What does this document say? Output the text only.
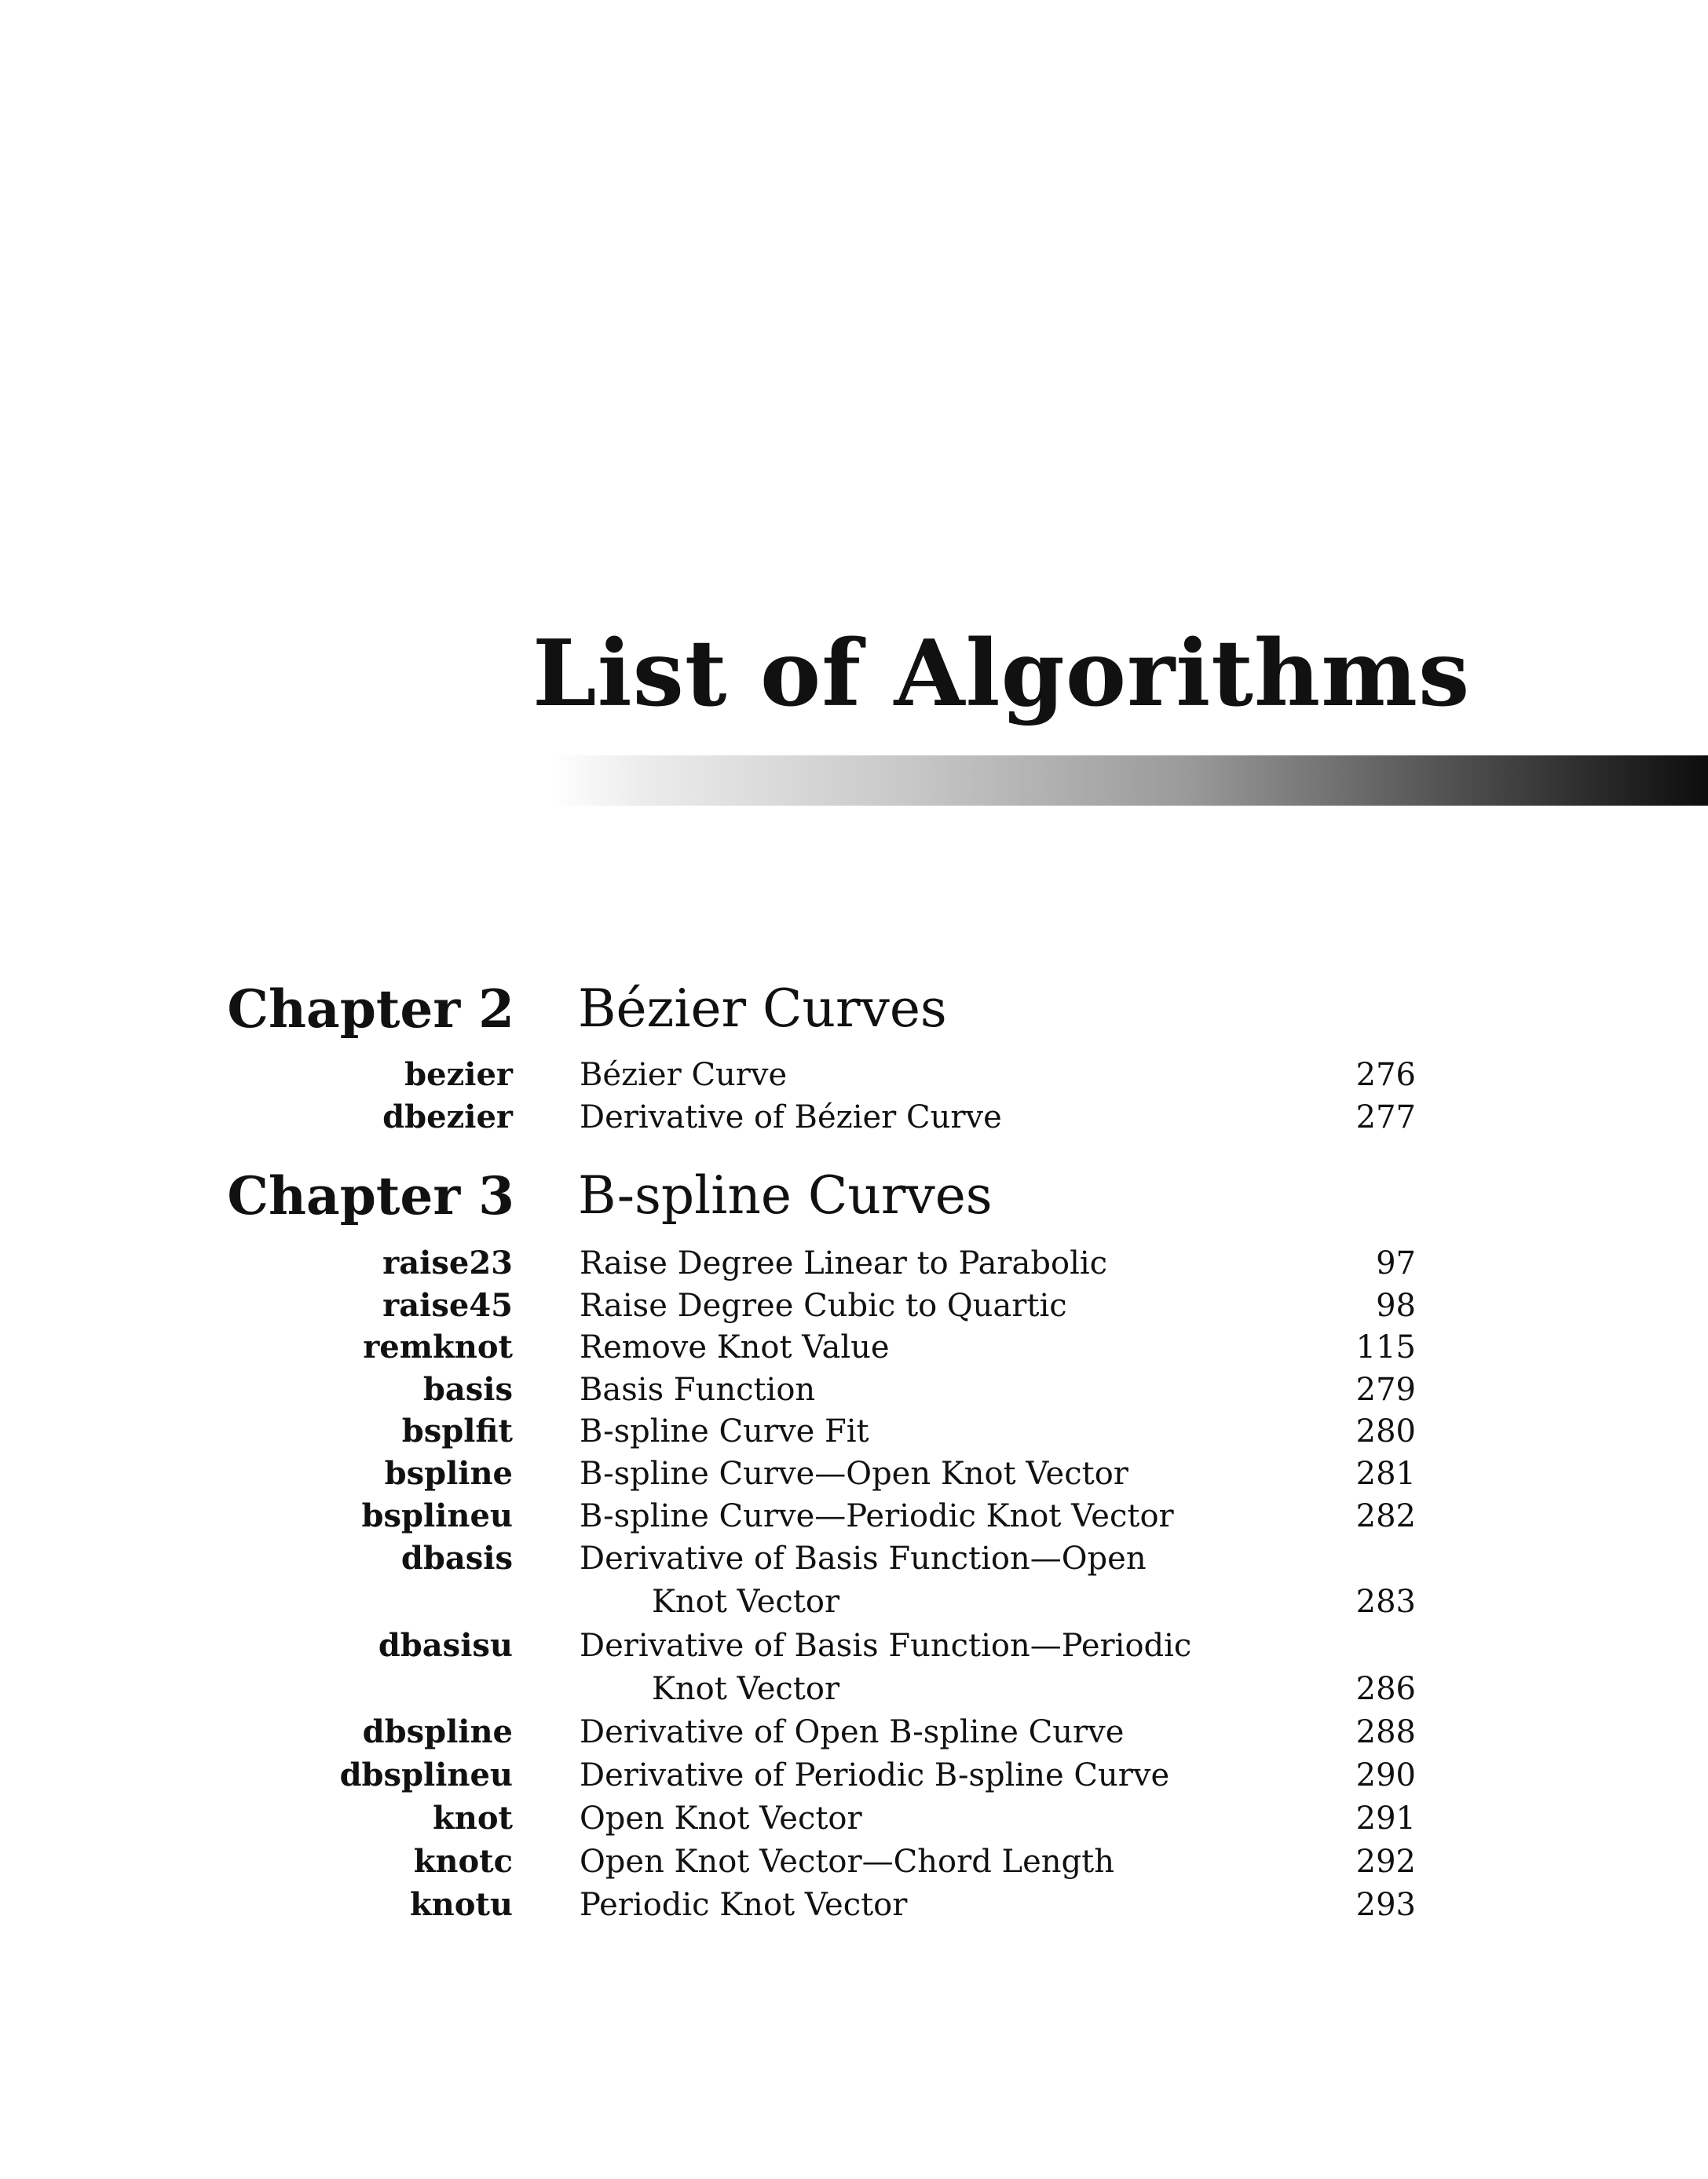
List of Algorithms
Chapter 2 Bézier Curves
bezier Bézier Curve	276
dbezier Derivative of Bézier Curve	277
Chapter 3 B-spline Curves
raise23 Raise Degree Linear to Parabolic	97
raise45 Raise Degree Cubic to Quartic	98
remknot Remove Knot Value	115
basis Basis Function	279
bsplfit B-spline Curve Fit	280
bspline B-spline Curve—Open Knot Vector	281
bsplineu B-spline Curve—Periodic Knot Vector	282
dbasis Derivative of Basis Function—Open
Knot Vector	283
dbasisu Derivative of Basis Function—Periodic
Knot Vector	286
dbspline Derivative of Open B-spline Curve	288
dbsplineu Derivative of Periodic B-spline Curve	290
knot Open Knot Vector	291
knotc Open Knot Vector—Chord Length	292
knotu Periodic Knot Vector	293
